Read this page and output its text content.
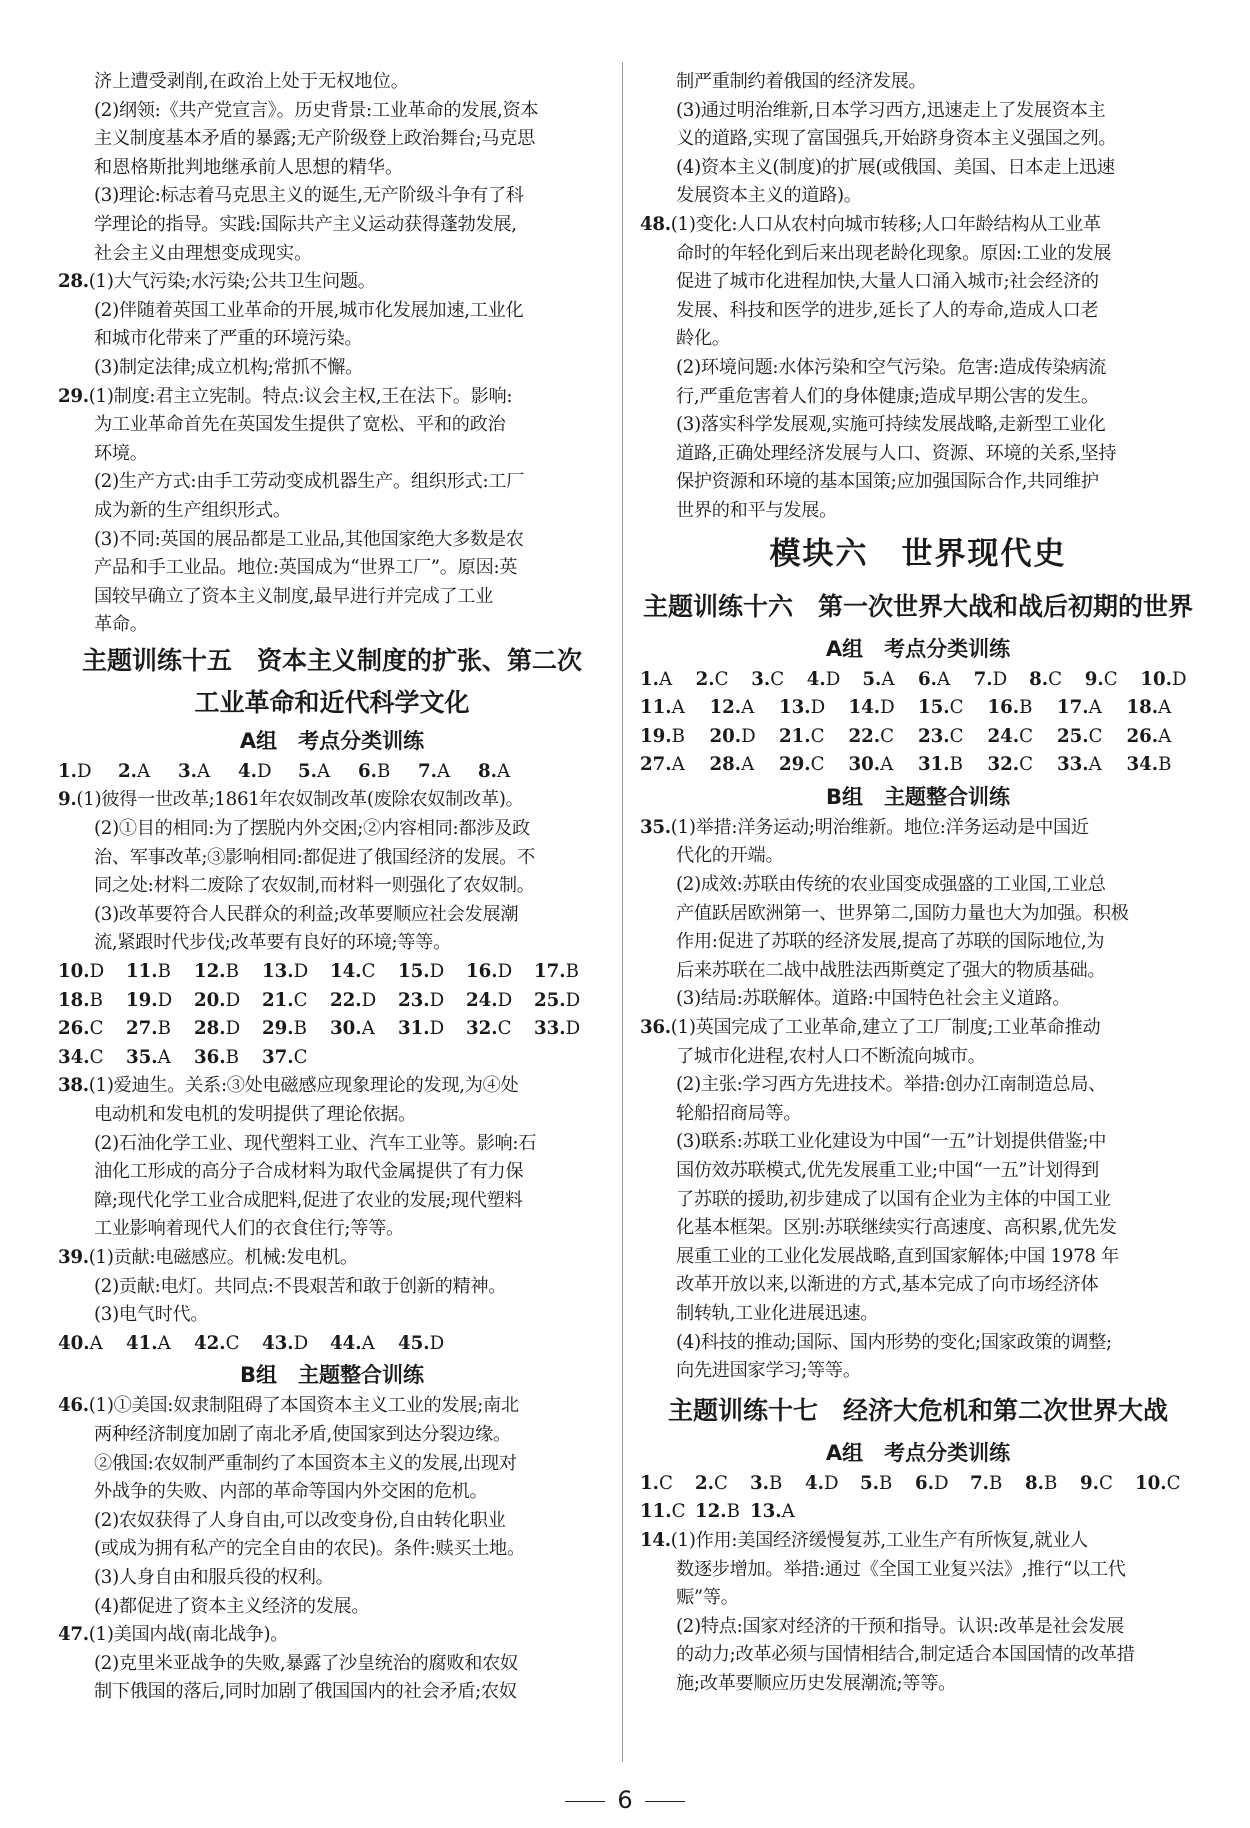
济上遭受剥削,在政治上处于无权地位。
(2)纲领:《共产党宣言》。历史背景:工业革命的发展,资本
主义制度基本矛盾的暴露;无产阶级登上政治舞台;马克思
和恩格斯批判地继承前人思想的精华。
(3)理论:标志着马克思主义的诞生,无产阶级斗争有了科
学理论的指导。实践:国际共产主义运动获得蓬勃发展,
社会主义由理想变成现实。
28.(1)大气污染;水污染;公共卫生问题。
(2)伴随着英国工业革命的开展,城市化发展加速,工业化
和城市化带来了严重的环境污染。
(3)制定法律;成立机构;常抓不懈。
29.(1)制度:君主立宪制。特点:议会主权,王在法下。影响:
为工业革命首先在英国发生提供了宽松、平和的政治
环境。
(2)生产方式:由手工劳动变成机器生产。组织形式:工厂
成为新的生产组织形式。
(3)不同:英国的展品都是工业品,其他国家绝大多数是农
产品和手工业品。地位:英国成为“世界工厂”。原因:英
国较早确立了资本主义制度,最早进行并完成了工业
革命。
主题训练十五　资本主义制度的扩张、第二次
工业革命和近代科学文化
A组　考点分类训练
1.D	2.A	3.A	4.D	5.A	6.B	7.A	8.A
9.(1)彼得一世改革;1861年农奴制改革(废除农奴制改革)。
(2)①目的相同:为了摆脱内外交困;②内容相同:都涉及政
治、军事改革;③影响相同:都促进了俄国经济的发展。不
同之处:材料二废除了农奴制,而材料一则强化了农奴制。
(3)改革要符合人民群众的利益;改革要顺应社会发展潮
流,紧跟时代步伐;改革要有良好的环境;等等。
10.D	11.B	12.B	13.D	14.C	15.D	16.D	17.B
18.B	19.D	20.D	21.C	22.D	23.D	24.D	25.D
26.C	27.B	28.D	29.B	30.A	31.D	32.C	33.D
34.C	35.A	36.B	37.C
38.(1)爱迪生。关系:③处电磁感应现象理论的发现,为④处
电动机和发电机的发明提供了理论依据。
(2)石油化学工业、现代塑料工业、汽车工业等。影响:石
油化工形成的高分子合成材料为取代金属提供了有力保
障;现代化学工业合成肥料,促进了农业的发展;现代塑料
工业影响着现代人们的衣食住行;等等。
39.(1)贡献:电磁感应。机械:发电机。
(2)贡献:电灯。共同点:不畏艰苦和敢于创新的精神。
(3)电气时代。
40.A	41.A	42.C	43.D	44.A	45.D
B组　主题整合训练
46.(1)①美国:奴隶制阻碍了本国资本主义工业的发展;南北
两种经济制度加剧了南北矛盾,使国家到达分裂边缘。
②俄国:农奴制严重制约了本国资本主义的发展,出现对
外战争的失败、内部的革命等国内外交困的危机。
(2)农奴获得了人身自由,可以改变身份,自由转化职业
(或成为拥有私产的完全自由的农民)。条件:赎买土地。
(3)人身自由和服兵役的权利。
(4)都促进了资本主义经济的发展。
47.(1)美国内战(南北战争)。
(2)克里米亚战争的失败,暴露了沙皇统治的腐败和农奴
制下俄国的落后,同时加剧了俄国国内的社会矛盾;农奴
制严重制约着俄国的经济发展。
(3)通过明治维新,日本学习西方,迅速走上了发展资本主
义的道路,实现了富国强兵,开始跻身资本主义强国之列。
(4)资本主义(制度)的扩展(或俄国、美国、日本走上迅速
发展资本主义的道路)。
48.(1)变化:人口从农村向城市转移;人口年龄结构从工业革
命时的年轻化到后来出现老龄化现象。原因:工业的发展
促进了城市化进程加快,大量人口涌入城市;社会经济的
发展、科技和医学的进步,延长了人的寿命,造成人口老
龄化。
(2)环境问题:水体污染和空气污染。危害:造成传染病流
行,严重危害着人们的身体健康;造成早期公害的发生。
(3)落实科学发展观,实施可持续发展战略,走新型工业化
道路,正确处理经济发展与人口、资源、环境的关系,坚持
保护资源和环境的基本国策;应加强国际合作,共同维护
世界的和平与发展。
模块六　世界现代史
主题训练十六　第一次世界大战和战后初期的世界
A组　考点分类训练
1.A	2.C	3.C	4.D	5.A	6.A	7.D	8.C	9.C	10.D
11.A	12.A	13.D	14.D	15.C	16.B	17.A	18.A
19.B	20.D	21.C	22.C	23.C	24.C	25.C	26.A
27.A	28.A	29.C	30.A	31.B	32.C	33.A	34.B
B组　主题整合训练
35.(1)举措:洋务运动;明治维新。地位:洋务运动是中国近
代化的开端。
(2)成效:苏联由传统的农业国变成强盛的工业国,工业总
产值跃居欧洲第一、世界第二,国防力量也大为加强。积极
作用:促进了苏联的经济发展,提高了苏联的国际地位,为
后来苏联在二战中战胜法西斯奠定了强大的物质基础。
(3)结局:苏联解体。道路:中国特色社会主义道路。
36.(1)英国完成了工业革命,建立了工厂制度;工业革命推动
了城市化进程,农村人口不断流向城市。
(2)主张:学习西方先进技术。举措:创办江南制造总局、
轮船招商局等。
(3)联系:苏联工业化建设为中国“一五”计划提供借鉴;中
国仿效苏联模式,优先发展重工业;中国“一五”计划得到
了苏联的援助,初步建成了以国有企业为主体的中国工业
化基本框架。区别:苏联继续实行高速度、高积累,优先发
展重工业的工业化发展战略,直到国家解体;中国 1978 年
改革开放以来,以渐进的方式,基本完成了向市场经济体
制转轨,工业化进展迅速。
(4)科技的推动;国际、国内形势的变化;国家政策的调整;
向先进国家学习;等等。
主题训练十七　经济大危机和第二次世界大战
A组　考点分类训练
1.C	2.C	3.B	4.D	5.B	6.D	7.B	8.B	9.C	10.C
11.C 12.B 13.A
14.(1)作用:美国经济缓慢复苏,工业生产有所恢复,就业人
数逐步增加。举措:通过《全国工业复兴法》,推行“以工代
赈”等。
(2)特点:国家对经济的干预和指导。认识:改革是社会发展
的动力;改革必须与国情相结合,制定适合本国国情的改革措
施;改革要顺应历史发展潮流;等等。
6
